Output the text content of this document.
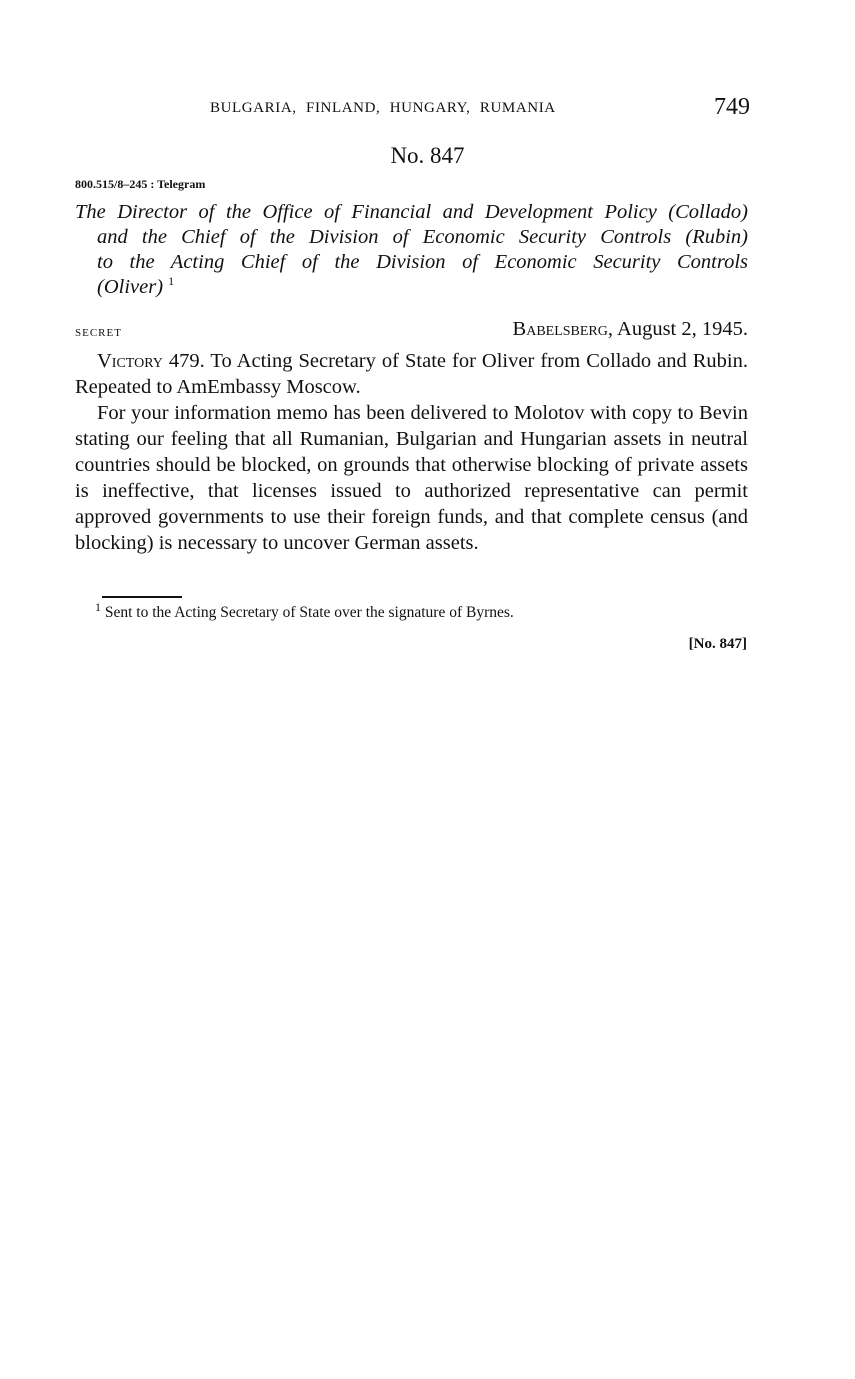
BULGARIA, FINLAND, HUNGARY, RUMANIA	749
No. 847
800.515/8–245 : Telegram
The Director of the Office of Financial and Development Policy (Collado)
and the Chief of the Division of Economic Security Controls (Rubin)
to the Acting Chief of the Division of Economic Security Controls
(Oliver) $^1$
secret	Babelsberg, August 2, 1945.

Victory 479. To Acting Secretary of State for Oliver from Collado and Rubin. Repeated to AmEmbassy Moscow.

For your information memo has been delivered to Molotov with copy to Bevin stating our feeling that all Rumanian, Bulgarian and Hungarian assets in neutral countries should be blocked, on grounds that otherwise blocking of private assets is ineffective, that licenses issued to authorized representative can permit approved governments to use their foreign funds, and that complete census (and blocking) is necessary to uncover German assets.

$^1$ Sent to the Acting Secretary of State over the signature of Byrnes.
[No. 847]
